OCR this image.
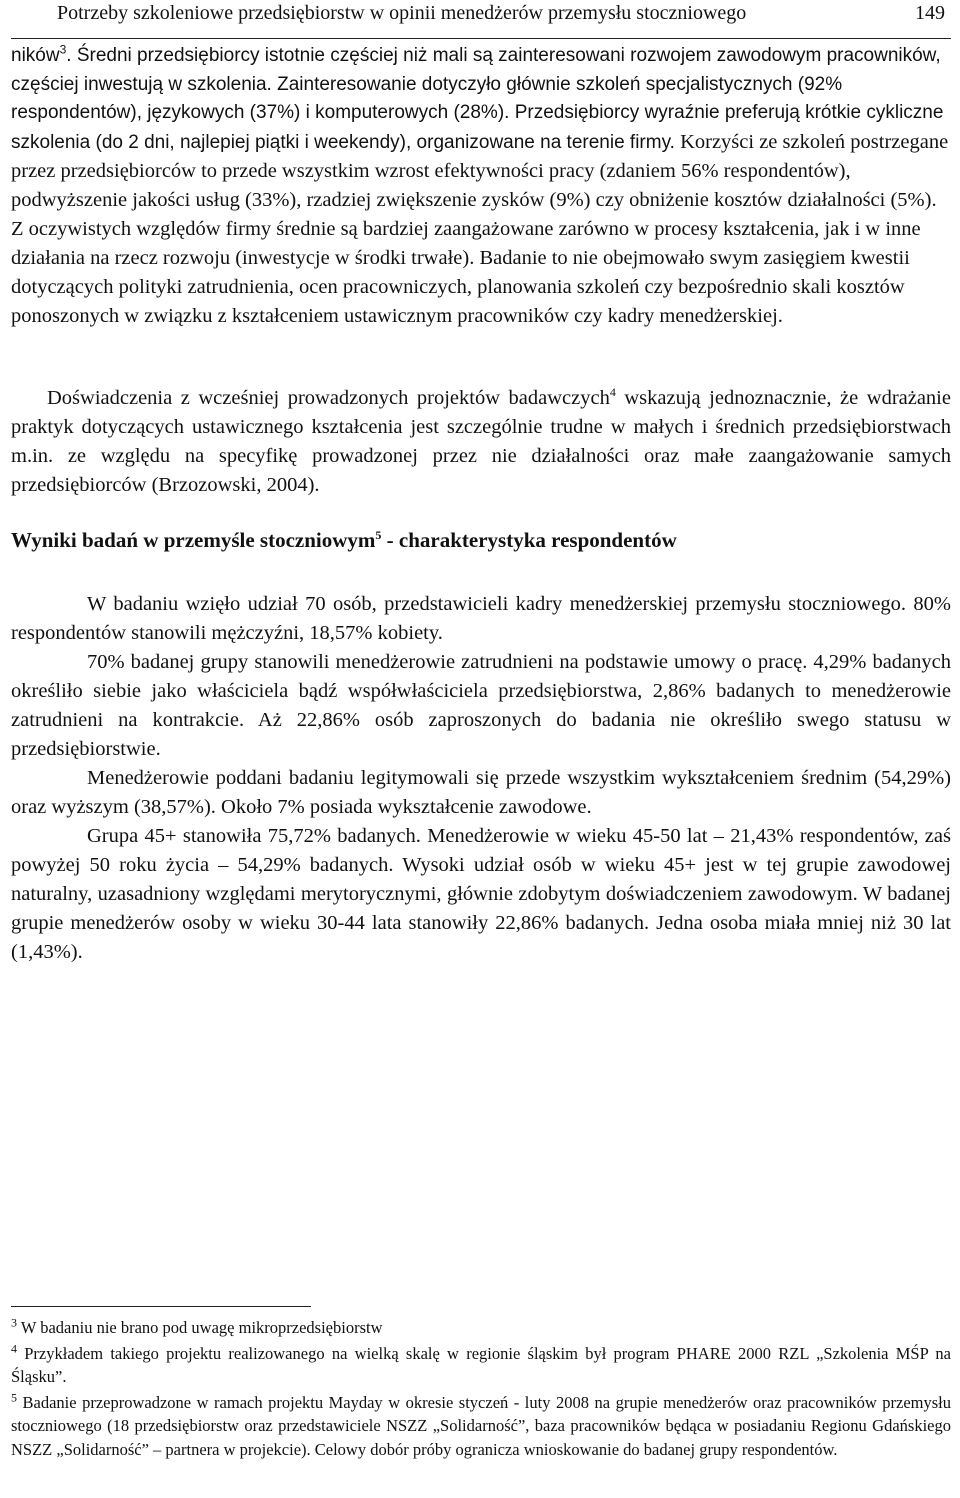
Potrzeby szkoleniowe przedsiębiorstw w opinii menedżerów przemysłu stoczniowego	149

ników$^3$. Średni przedsiębiorcy istotnie częściej niż mali są zainteresowani rozwojem zawodowym pracowników, częściej inwestują w szkolenia. Zainteresowanie dotyczyło głównie szkoleń specjalistycznych (92% respondentów), językowych (37%) i komputerowych (28%). Przedsiębiorcy wyraźnie preferują krótkie cykliczne szkolenia (do 2 dni, najlepiej piątki i weekendy), organizowane na terenie firmy.

Korzyści ze szkoleń postrzegane przez przedsiębiorców to przede wszystkim wzrost efektywności pracy (zdaniem 56% respondentów), podwyższenie jakości usług (33%), rzadziej zwiększenie zysków (9%) czy obniżenie kosztów działalności (5%). Z oczywistych względów firmy średnie są bardziej zaangażowane zarówno w procesy kształcenia, jak i w inne działania na rzecz rozwoju (inwestycje w środki trwałe). Badanie to nie obejmowało swym zasięgiem kwestii dotyczących polityki zatrudnienia, ocen pracowniczych, planowania szkoleń czy bezpośrednio skali kosztów ponoszonych w związku z kształceniem ustawicznym pracowników czy kadry menedżerskiej.

Doświadczenia z wcześniej prowadzonych projektów badawczych$^4$ wskazują jednoznacznie, że wdrażanie praktyk dotyczących ustawicznego kształcenia jest szczególnie trudne w małych i średnich przedsiębiorstwach m.in. ze względu na specyfikę prowadzonej przez nie działalności oraz małe zaangażowanie samych przedsiębiorców (Brzozowski, 2004).

Wyniki badań w przemyśle stoczniowym$^5$ - charakterystyka respondentów

W badaniu wzięło udział 70 osób, przedstawicieli kadry menedżerskiej przemysłu stoczniowego. 80% respondentów stanowili mężczyźni, 18,57% kobiety.

70% badanej grupy stanowili menedżerowie zatrudnieni na podstawie umowy o pracę. 4,29% badanych określiło siebie jako właściciela bądź współwłaściciela przedsiębiorstwa, 2,86% badanych to menedżerowie zatrudnieni na kontrakcie. Aż 22,86% osób zaproszonych do badania nie określiło swego statusu w przedsiębiorstwie.

Menedżerowie poddani badaniu legitymowali się przede wszystkim wykształceniem średnim (54,29%) oraz wyższym (38,57%). Około 7% posiada wykształcenie zawodowe.

Grupa 45+ stanowiła 75,72% badanych. Menedżerowie w wieku 45-50 lat – 21,43% respondentów, zaś powyżej 50 roku życia – 54,29% badanych. Wysoki udział osób w wieku 45+ jest w tej grupie zawodowej naturalny, uzasadniony względami merytorycznymi, głównie zdobytym doświadczeniem zawodowym. W badanej grupie menedżerów osoby w wieku 30-44 lata stanowiły 22,86% badanych. Jedna osoba miała mniej niż 30 lat (1,43%).

$^3$ W badaniu nie brano pod uwagę mikroprzedsiębiorstw

$^4$ Przykładem takiego projektu realizowanego na wielką skalę w regionie śląskim był program PHARE 2000 RZL „Szkolenia MŚP na Śląsku”.

$^5$ Badanie przeprowadzone w ramach projektu Mayday w okresie styczeń - luty 2008 na grupie menedżerów oraz pracowników przemysłu stoczniowego (18 przedsiębiorstw oraz przedstawiciele NSZZ „Solidarność”, baza pracowników będąca w posiadaniu Regionu Gdańskiego NSZZ „Solidarność” – partnera w projekcie). Celowy dobór próby ogranicza wnioskowanie do badanej grupy respondentów.
